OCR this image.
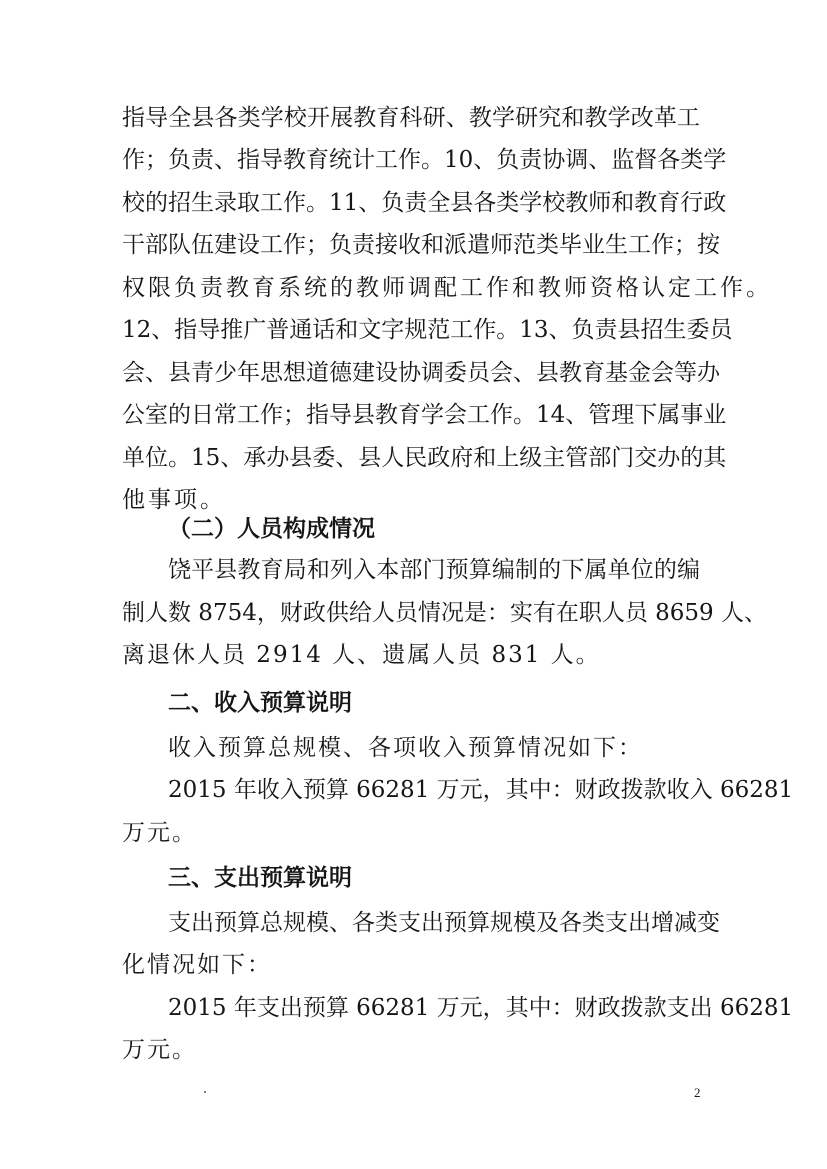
指导全县各类学校开展教育科研、教学研究和教学改革工
作；负责、指导教育统计工作。10、负责协调、监督各类学
校的招生录取工作。11、负责全县各类学校教师和教育行政
干部队伍建设工作；负责接收和派遣师范类毕业生工作；按
权限负责教育系统的教师调配工作和教师资格认定工作。
12、指导推广普通话和文字规范工作。13、负责县招生委员
会、县青少年思想道德建设协调委员会、县教育基金会等办
公室的日常工作；指导县教育学会工作。14、管理下属事业
单位。15、承办县委、县人民政府和上级主管部门交办的其
他事项。
（二）人员构成情况
饶平县教育局和列入本部门预算编制的下属单位的编
制人数 8754，财政供给人员情况是：实有在职人员 8659 人、
离退休人员 2914 人、遗属人员 831 人。
二、收入预算说明
收入预算总规模、各项收入预算情况如下：
2015 年收入预算 66281 万元，其中：财政拨款收入 66281
万元。
三、支出预算说明
支出预算总规模、各类支出预算规模及各类支出增减变
化情况如下：
2015 年支出预算 66281 万元，其中：财政拨款支出 66281
万元。
2
